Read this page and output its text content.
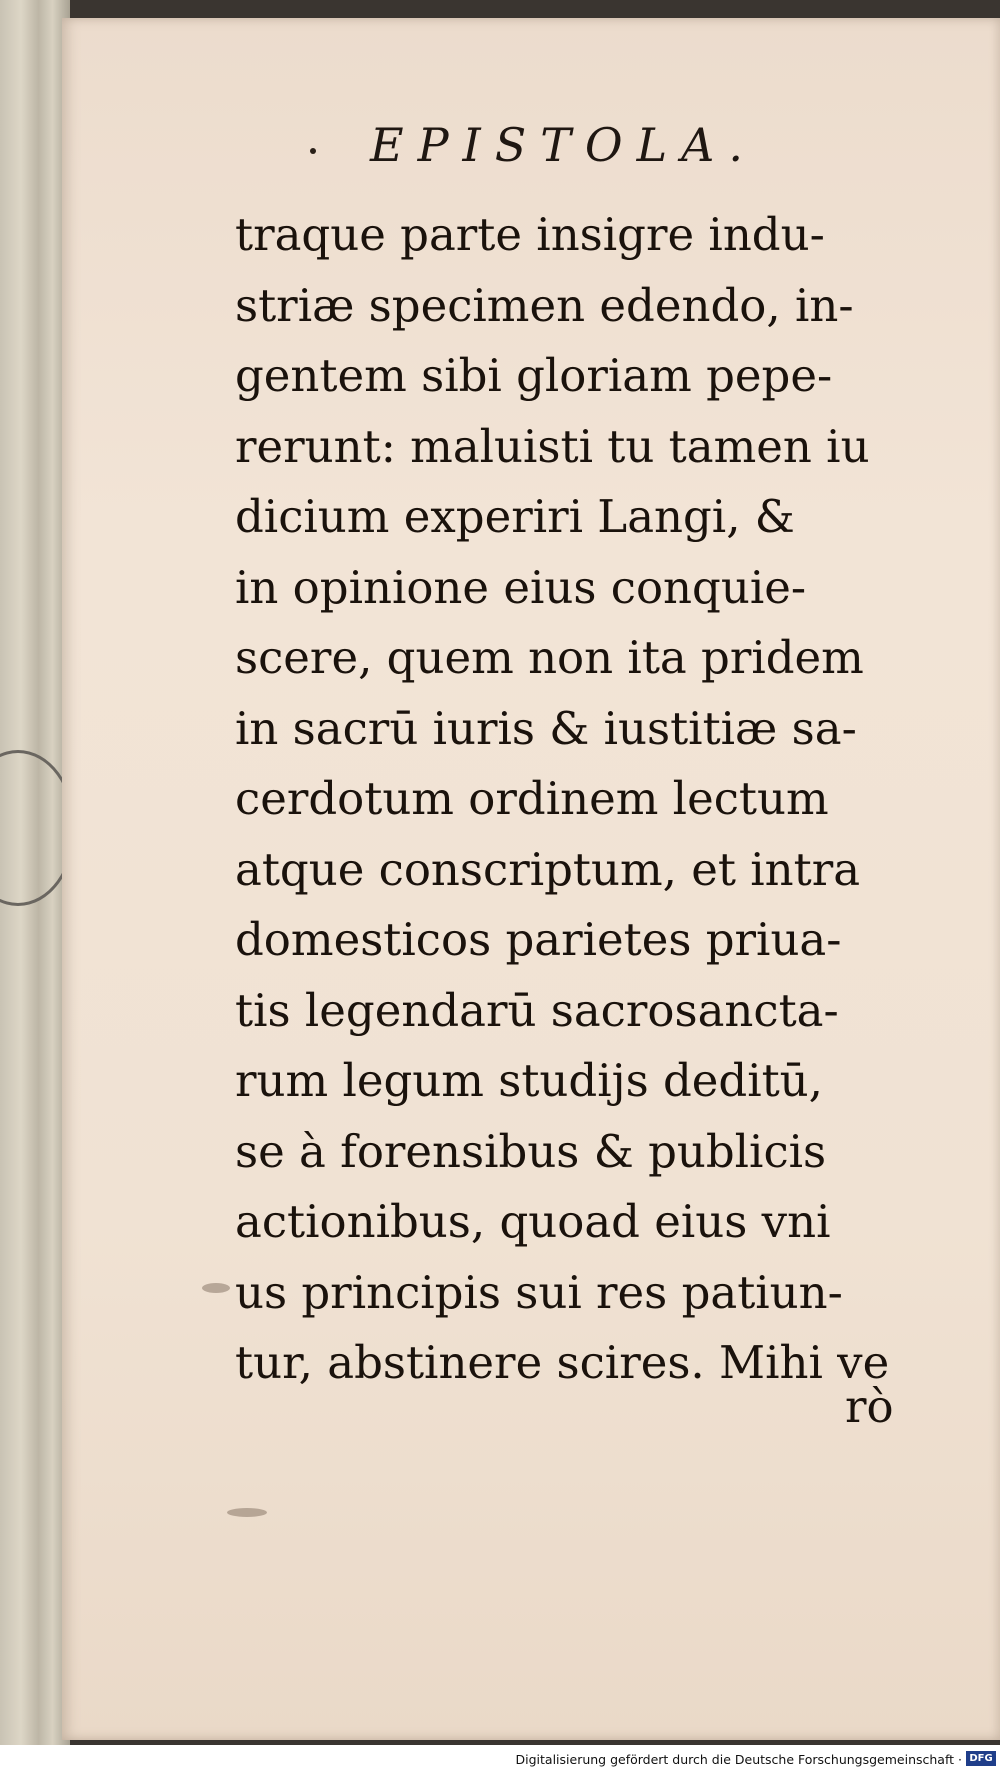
EPISTOLA.
traque parte insigre indu-
striæ specimen edendo, in-
gentem sibi gloriam pepe-
rerunt: maluisti tu tamen iu
dicium experiri Langi, &
in opinione eius conquie-
scere, quem non ita pridem
in sacrū iuris & iustitiæ sa-
cerdotum ordinem lectum
atque conscriptum, et intra
domesticos parietes priua-
tis legendarū sacrosancta-
rum legum studijs deditū,
se à forensibus & publicis
actionibus, quoad eius vni
us principis sui res patiun-
tur, abstinere scires. Mihi ve
rò
Digitalisierung gefördert durch die Deutsche Forschungsgemeinschaft · DFG
